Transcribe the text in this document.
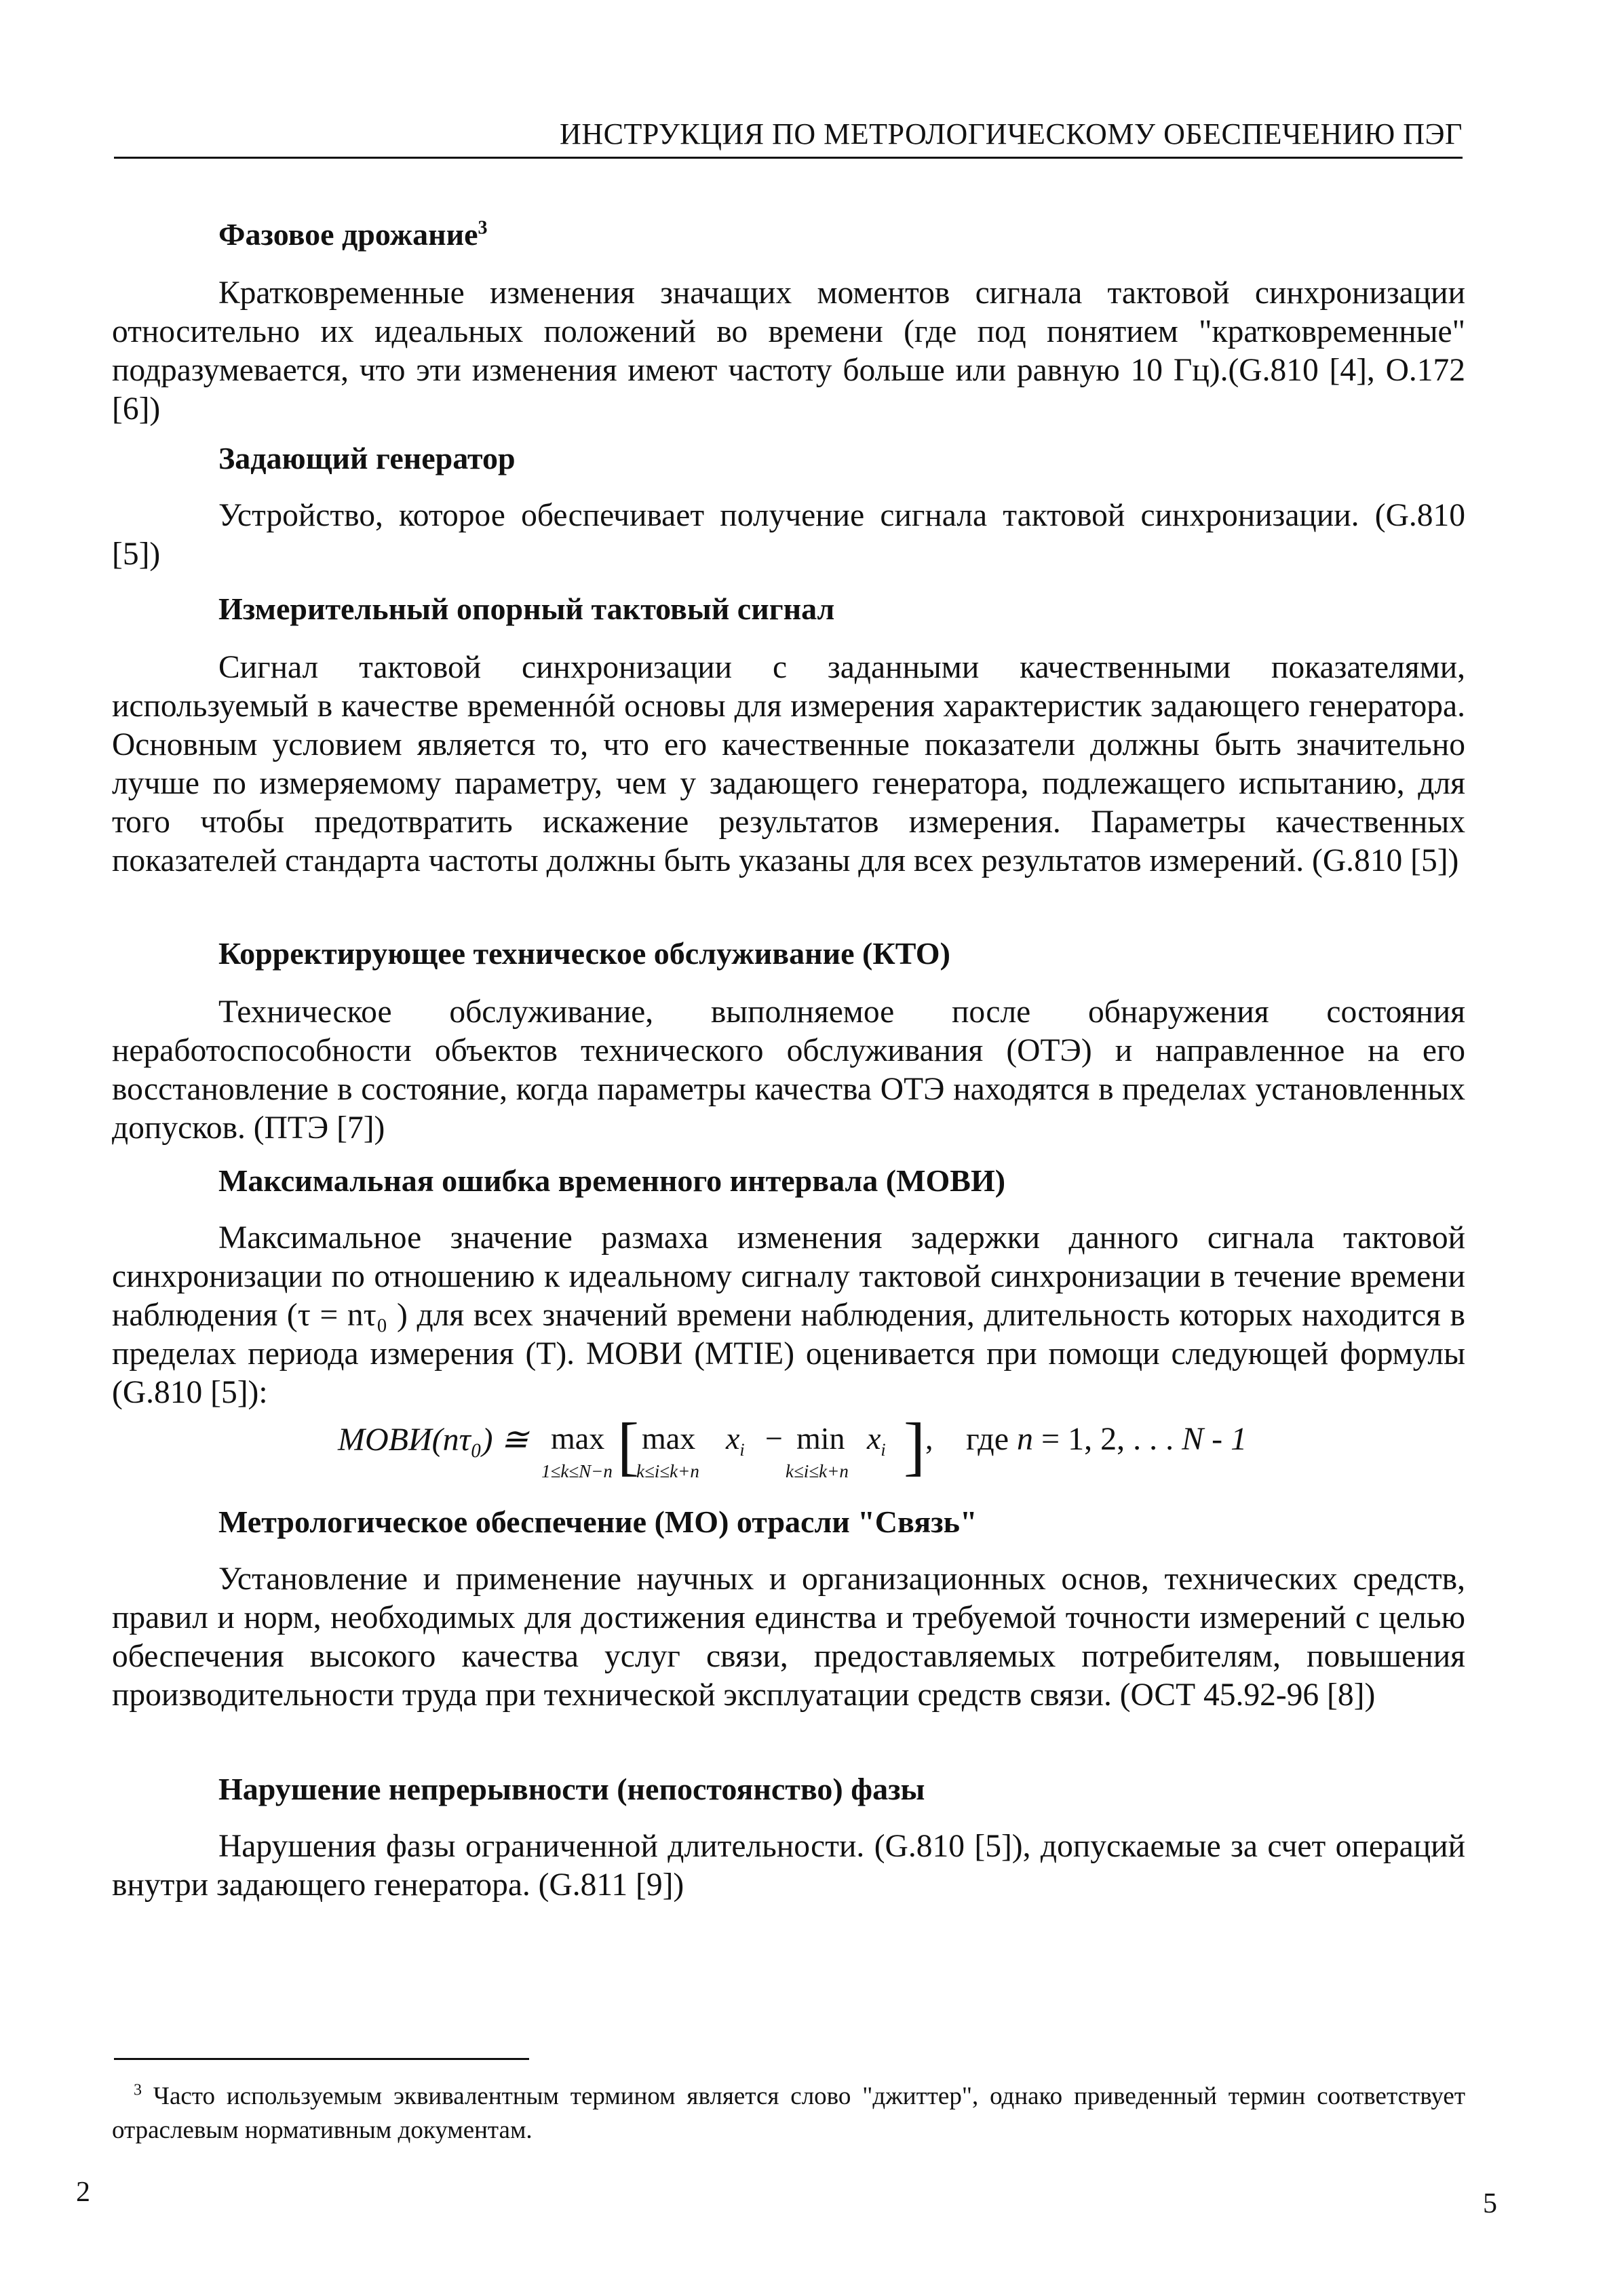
ИНСТРУКЦИЯ ПО МЕТРОЛОГИЧЕСКОМУ ОБЕСПЕЧЕНИЮ ПЭГ
Фазовое дрожание$^3$

Кратковременные изменения значащих моментов сигнала тактовой синхронизации относительно их идеальных положений во времени (где под понятием "кратковременные" подразумевается, что эти изменения имеют частоту больше или равную 10 Гц).(G.810 [4], O.172 [6])

Задающий генератор

Устройство, которое обеспечивает получение сигнала тактовой синхронизации. (G.810 [5])

Измерительный опорный тактовый сигнал

Сигнал тактовой синхронизации с заданными качественными показателями, используемый в качестве временнóй основы для измерения характеристик задающего генератора. Основным условием является то, что его качественные показатели должны быть значительно лучше по измеряемому параметру, чем у задающего генератора, подлежащего испытанию, для того чтобы предотвратить искажение результатов измерения. Параметры качественных показателей стандарта частоты должны быть указаны для всех результатов измерений. (G.810 [5])

Корректирующее техническое обслуживание (КТО)

Техническое обслуживание, выполняемое после обнаружения состояния неработоспособности объектов технического обслуживания (ОТЭ) и направленное на его восстановление в состояние, когда параметры качества ОТЭ находятся в пределах установленных допусков. (ПТЭ [7])

Максимальная ошибка временного интервала (МОВИ)

Максимальное значение размаха изменения задержки данного сигнала тактовой синхронизации по отношению к идеальному сигналу тактовой синхронизации в течение времени наблюдения (τ = nτ₀ ) для всех значений времени наблюдения, длительность которых находится в пределах периода измерения (T). МОВИ (MTIE) оценивается при помощи следующей формулы (G.810 [5]):

МОВИ(nτ₀) ≅ max
1≤k≤N−n [ max
k≤i≤k+n
$x_i - \min$
k≤i≤k+n
$x_i$ ] , где n = 1, 2, . . . N - 1
Метрологическое обеспечение (МО) отрасли "Связь"

Установление и применение научных и организационных основ, технических средств, правил и норм, необходимых для достижения единства и требуемой точности измерений с целью обеспечения высокого качества услуг связи, предоставляемых потребителям, повышения производительности труда при технической эксплуатации средств связи. (ОСТ 45.92-96 [8])

Нарушение непрерывности (непостоянство) фазы

Нарушения фазы ограниченной длительности. (G.810 [5]), допускаемые за счет операций внутри задающего генератора. (G.811 [9])

$^3$ Часто используемым эквивалентным термином является слово "джиттер", однако приведенный термин соответствует отраслевым нормативным документам.

2	5
